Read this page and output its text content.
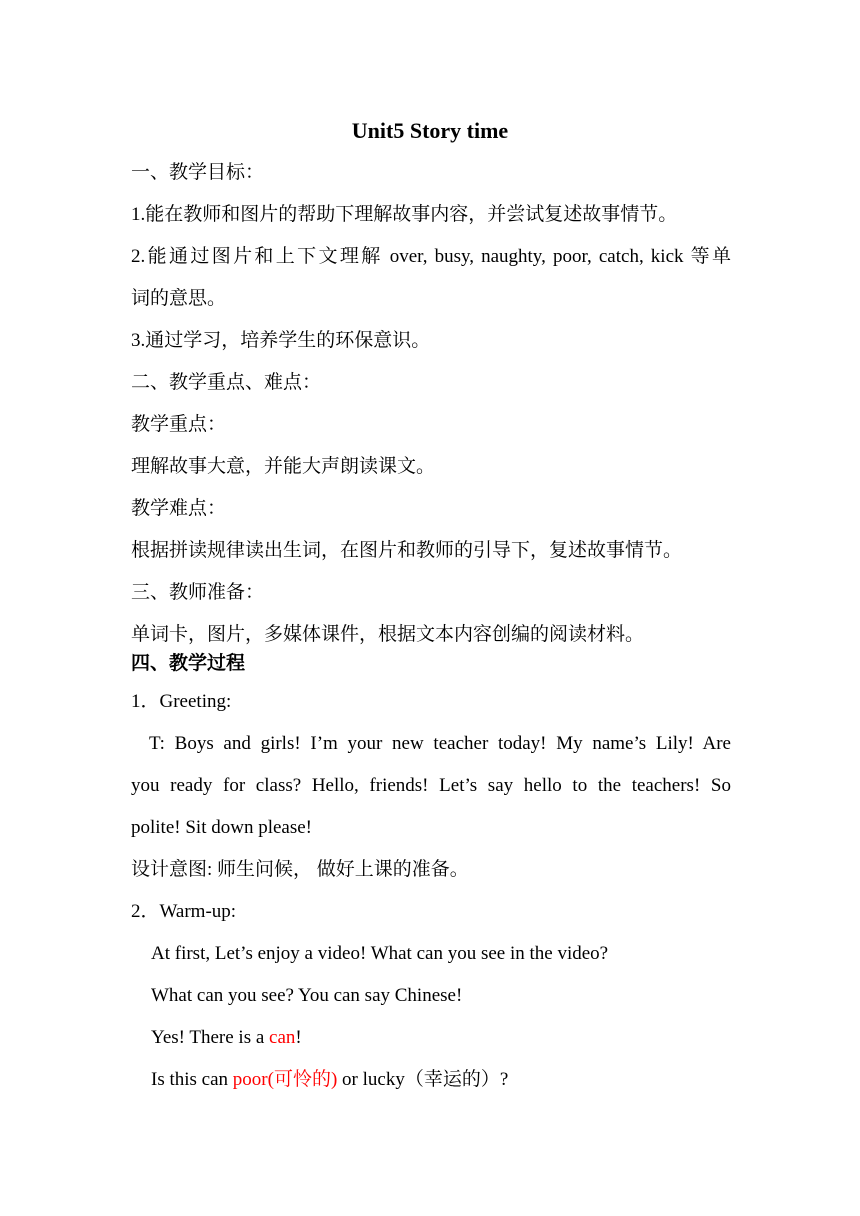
Unit5 Story time
一、教学目标：
1.能在教师和图片的帮助下理解故事内容，并尝试复述故事情节。
2.能通过图片和上下文理解 over, busy, naughty, poor, catch, kick 等单
词的意思。
3.通过学习，培养学生的环保意识。
二、教学重点、难点：
教学重点：
理解故事大意，并能大声朗读课文。
教学难点：
根据拼读规律读出生词，在图片和教师的引导下，复述故事情节。
三、教师准备：
单词卡，图片，多媒体课件，根据文本内容创编的阅读材料。
四、教学过程
1．Greeting:
T: Boys and girls! I’m your new teacher today! My name’s Lily! Are
you ready for class? Hello, friends! Let’s say hello to the teachers! So
polite! Sit down please!
设计意图: 师生问候， 做好上课的准备。
2．Warm-up:
At first, Let’s enjoy a video! What can you see in the video?
What can you see? You can say Chinese!
Yes! There is a can!
Is this can poor(可怜的) or lucky（幸运的）?
